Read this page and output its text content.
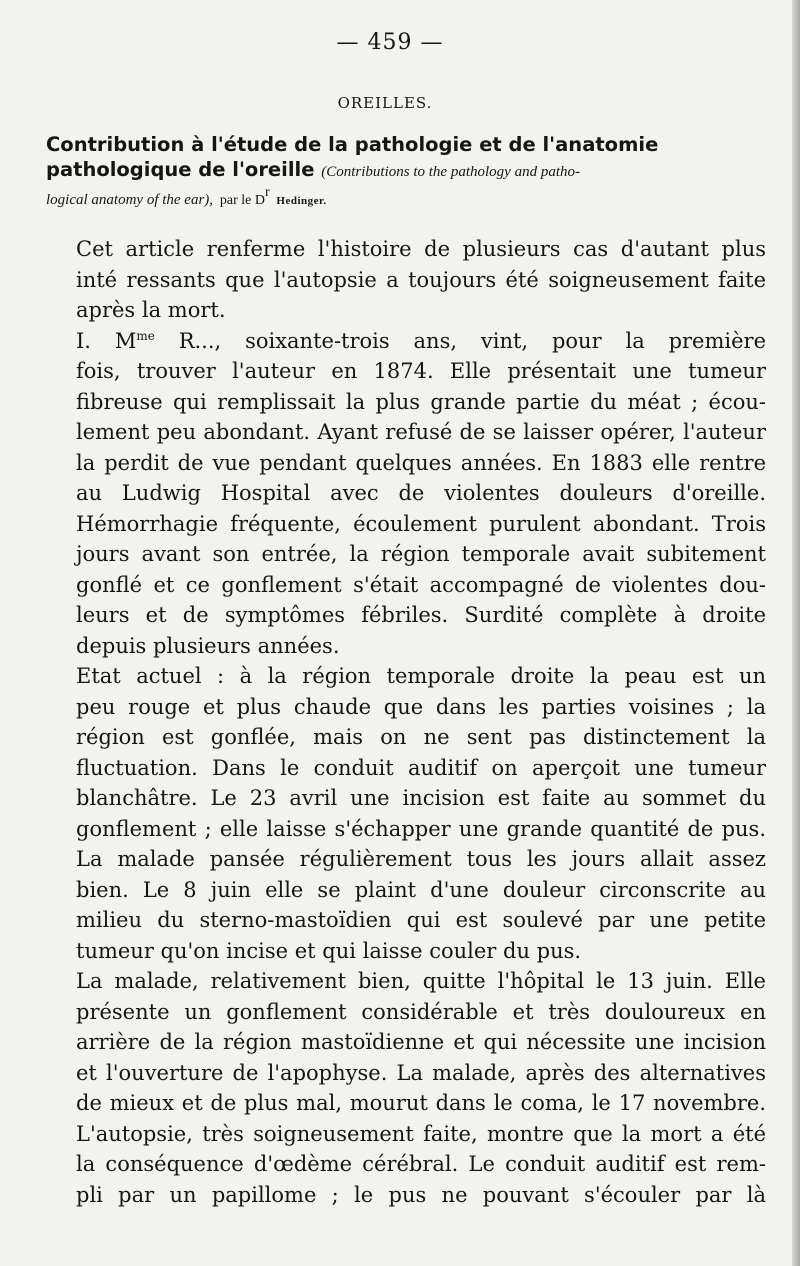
— 459 —
OREILLES.
Contribution à l'étude de la pathologie et de l'anatomie
pathologique de l'oreille (Contributions to the pathology and patho-
logical anatomy of the ear), par le $D^r$ Hedinger.

Cet article renferme l'histoire de plusieurs cas d'autant plus
inté ressants que l'autopsie a toujours été soigneusement faite
après la mort.

I. $M^{me}$ R..., soixante-trois ans, vint, pour la première
fois, trouver l'auteur en 1874. Elle présentait une tumeur
fibreuse qui remplissait la plus grande partie du méat ; écou-
lement peu abondant. Ayant refusé de se laisser opérer, l'auteur
la perdit de vue pendant quelques années. En 1883 elle rentre
au Ludwig Hospital avec de violentes douleurs d'oreille.
Hémorrhagie fréquente, écoulement purulent abondant. Trois
jours avant son entrée, la région temporale avait subitement
gonflé et ce gonflement s'était accompagné de violentes dou-
leurs et de symptômes fébriles. Surdité complète à droite
depuis plusieurs années.

Etat actuel : à la région temporale droite la peau est un
peu rouge et plus chaude que dans les parties voisines ; la
région est gonflée, mais on ne sent pas distinctement la
fluctuation. Dans le conduit auditif on aperçoit une tumeur
blanchâtre. Le 23 avril une incision est faite au sommet du
gonflement ; elle laisse s'échapper une grande quantité de pus.
La malade pansée régulièrement tous les jours allait assez
bien. Le 8 juin elle se plaint d'une douleur circonscrite au
milieu du sterno-mastoïdien qui est soulevé par une petite
tumeur qu'on incise et qui laisse couler du pus.

La malade, relativement bien, quitte l'hôpital le 13 juin. Elle
présente un gonflement considérable et très douloureux en
arrière de la région mastoïdienne et qui nécessite une incision
et l'ouverture de l'apophyse. La malade, après des alternatives
de mieux et de plus mal, mourut dans le coma, le 17 novembre.
L'autopsie, très soigneusement faite, montre que la mort a été
la conséquence d'œdème cérébral. Le conduit auditif est rem-
pli par un papillome ; le pus ne pouvant s'écouler par là
